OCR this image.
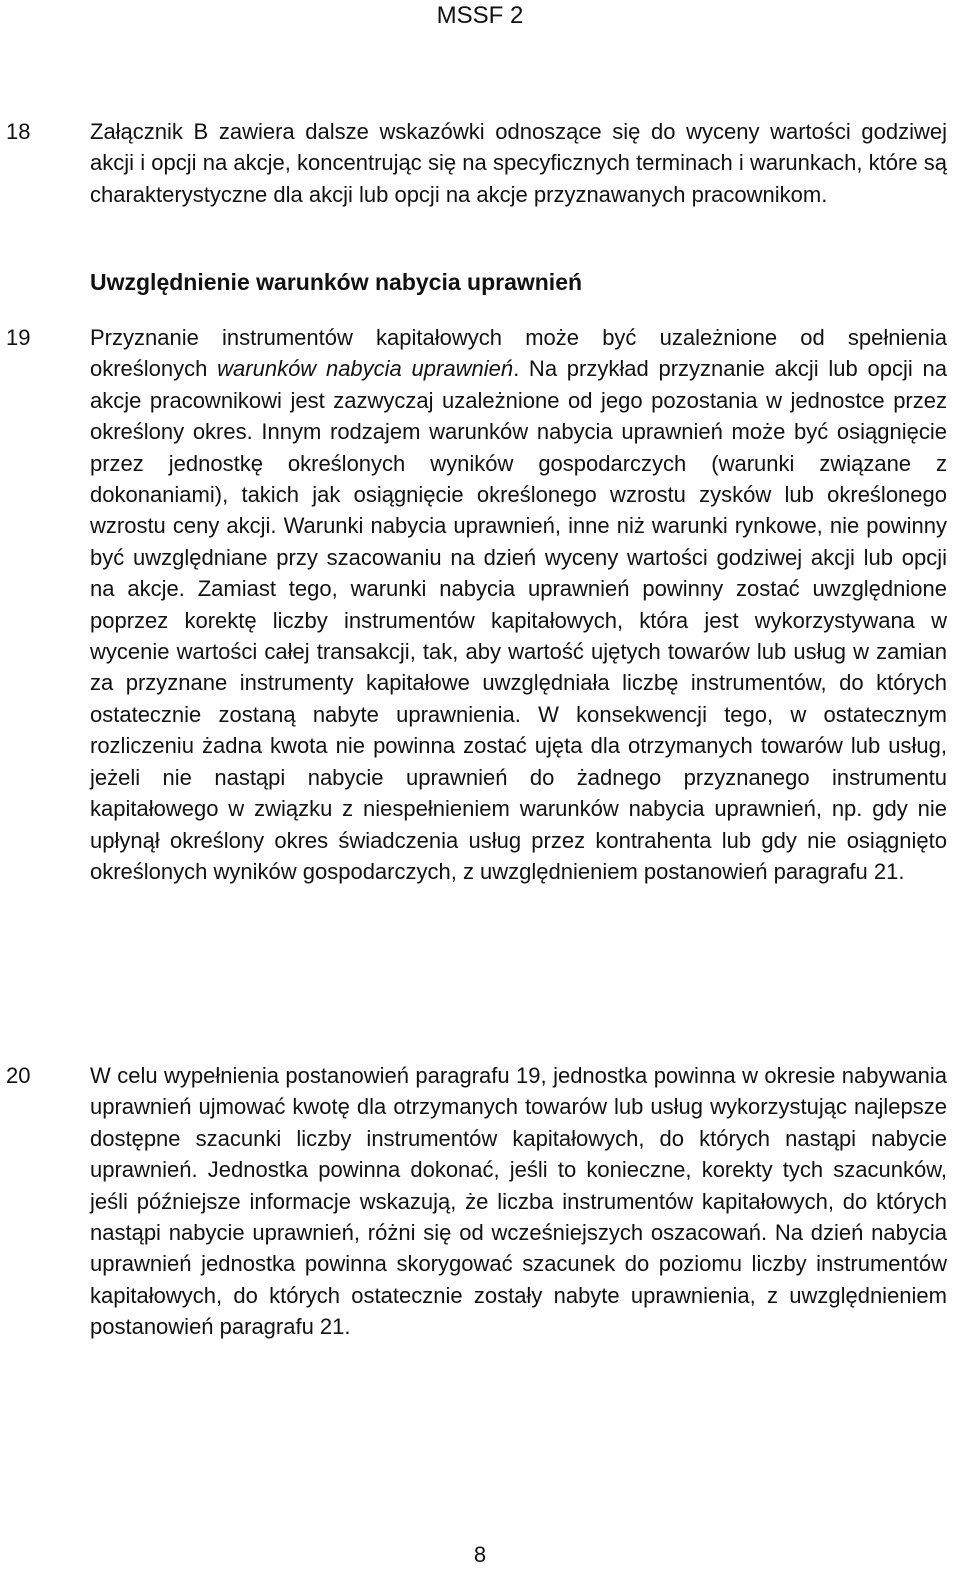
MSSF 2
18	Załącznik B zawiera dalsze wskazówki odnoszące się do wyceny wartości godziwej akcji i opcji na akcje, koncentrując się na specyficznych terminach i warunkach, które są charakterystyczne dla akcji lub opcji na akcje przyznawanych pracownikom.

Uwzględnienie warunków nabycia uprawnień
19	Przyznanie instrumentów kapitałowych może być uzależnione od spełnienia określonych warunków nabycia uprawnień. Na przykład przyznanie akcji lub opcji na akcje pracownikowi jest zazwyczaj uzależnione od jego pozostania w jednostce przez określony okres. Innym rodzajem warunków nabycia uprawnień może być osiągnięcie przez jednostkę określonych wyników gospodarczych (warunki związane z dokonaniami), takich jak osiągnięcie określonego wzrostu zysków lub określonego wzrostu ceny akcji. Warunki nabycia uprawnień, inne niż warunki rynkowe, nie powinny być uwzględniane przy szacowaniu na dzień wyceny wartości godziwej akcji lub opcji na akcje. Zamiast tego, warunki nabycia uprawnień powinny zostać uwzględnione poprzez korektę liczby instrumentów kapitałowych, która jest wykorzystywana w wycenie wartości całej transakcji, tak, aby wartość ujętych towarów lub usług w zamian za przyznane instrumenty kapitałowe uwzględniała liczbę instrumentów, do których ostatecznie zostaną nabyte uprawnienia. W konsekwencji tego, w ostatecznym rozliczeniu żadna kwota nie powinna zostać ujęta dla otrzymanych towarów lub usług, jeżeli nie nastąpi nabycie uprawnień do żadnego przyznanego instrumentu kapitałowego w związku z niespełnieniem warunków nabycia uprawnień, np. gdy nie upłynął określony okres świadczenia usług przez kontrahenta lub gdy nie osiągnięto określonych wyników gospodarczych, z uwzględnieniem postanowień paragrafu 21.

20	W celu wypełnienia postanowień paragrafu 19, jednostka powinna w okresie nabywania uprawnień ujmować kwotę dla otrzymanych towarów lub usług wykorzystując najlepsze dostępne szacunki liczby instrumentów kapitałowych, do których nastąpi nabycie uprawnień. Jednostka powinna dokonać, jeśli to konieczne, korekty tych szacunków, jeśli późniejsze informacje wskazują, że liczba instrumentów kapitałowych, do których nastąpi nabycie uprawnień, różni się od wcześniejszych oszacowań. Na dzień nabycia uprawnień jednostka powinna skorygować szacunek do poziomu liczby instrumentów kapitałowych, do których ostatecznie zostały nabyte uprawnienia, z uwzględnieniem postanowień paragrafu 21.

8
